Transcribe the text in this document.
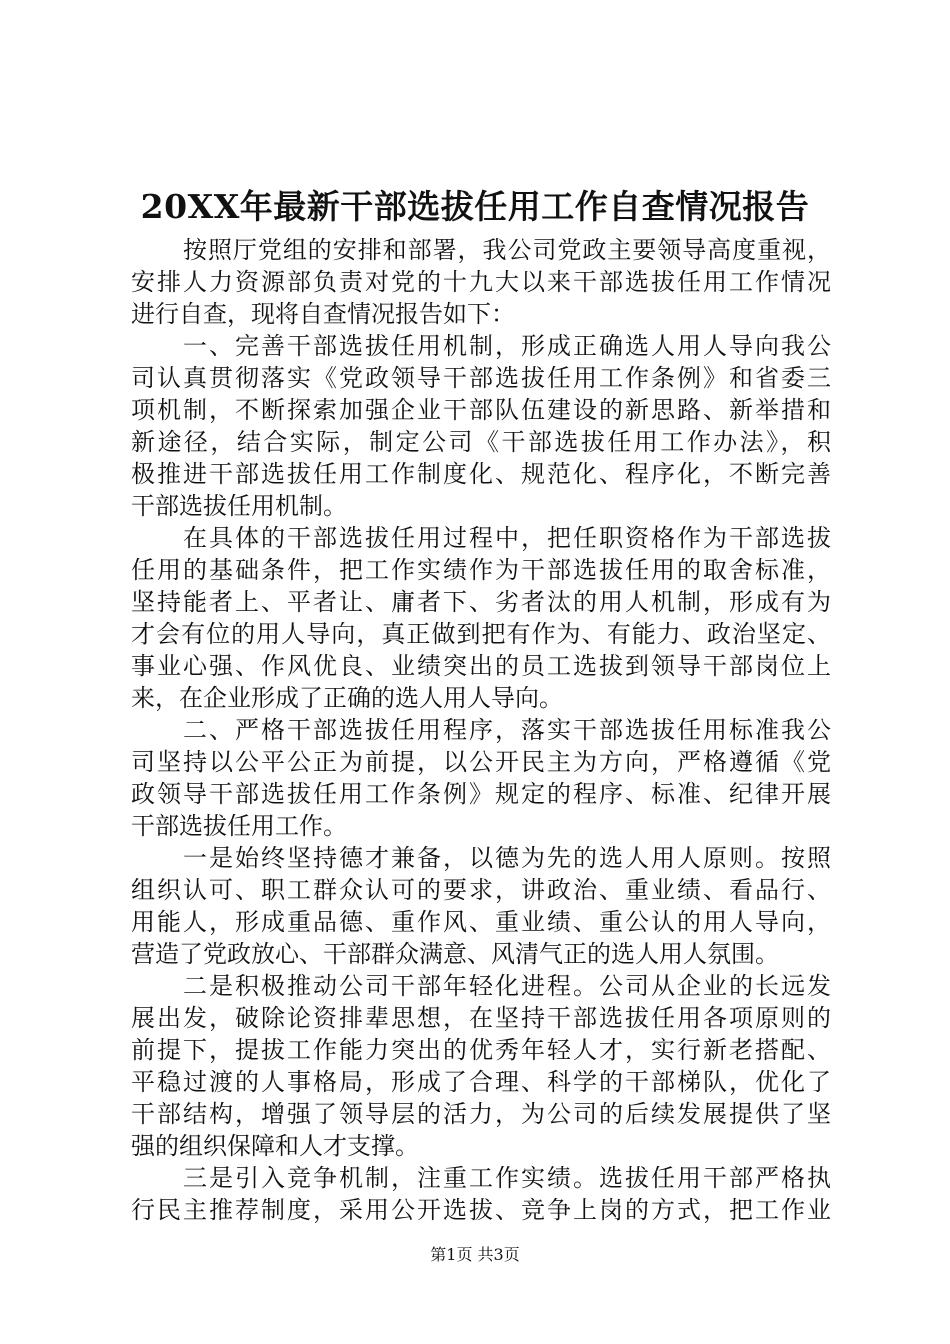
20XX年最新干部选拔任用工作自查情况报告
按照厅党组的安排和部署，我公司党政主要领导高度重视，
安排人力资源部负责对党的十九大以来干部选拔任用工作情况
进行自查，现将自查情况报告如下：
一、完善干部选拔任用机制，形成正确选人用人导向我公
司认真贯彻落实《党政领导干部选拔任用工作条例》和省委三
项机制，不断探索加强企业干部队伍建设的新思路、新举措和
新途径，结合实际，制定公司《干部选拔任用工作办法》，积
极推进干部选拔任用工作制度化、规范化、程序化，不断完善
干部选拔任用机制。
在具体的干部选拔任用过程中，把任职资格作为干部选拔
任用的基础条件，把工作实绩作为干部选拔任用的取舍标准，
坚持能者上、平者让、庸者下、劣者汰的用人机制，形成有为
才会有位的用人导向，真正做到把有作为、有能力、政治坚定、
事业心强、作风优良、业绩突出的员工选拔到领导干部岗位上
来，在企业形成了正确的选人用人导向。
二、严格干部选拔任用程序，落实干部选拔任用标准我公
司坚持以公平公正为前提，以公开民主为方向，严格遵循《党
政领导干部选拔任用工作条例》规定的程序、标准、纪律开展
干部选拔任用工作。
一是始终坚持德才兼备，以德为先的选人用人原则。按照
组织认可、职工群众认可的要求，讲政治、重业绩、看品行、
用能人，形成重品德、重作风、重业绩、重公认的用人导向，
营造了党政放心、干部群众满意、风清气正的选人用人氛围。
二是积极推动公司干部年轻化进程。公司从企业的长远发
展出发，破除论资排辈思想，在坚持干部选拔任用各项原则的
前提下，提拔工作能力突出的优秀年轻人才，实行新老搭配、
平稳过渡的人事格局，形成了合理、科学的干部梯队，优化了
干部结构，增强了领导层的活力，为公司的后续发展提供了坚
强的组织保障和人才支撑。
三是引入竞争机制，注重工作实绩。选拔任用干部严格执
行民主推荐制度，采用公开选拔、竞争上岗的方式，把工作业
第1页 共3页
